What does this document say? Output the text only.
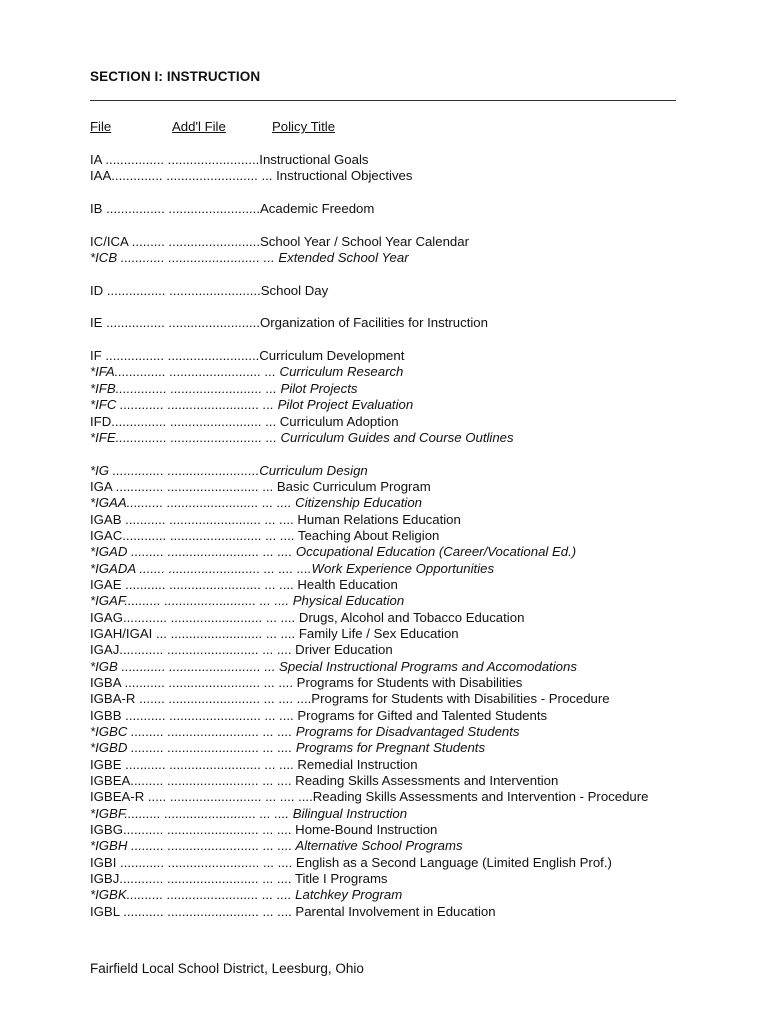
SECTION I: INSTRUCTION
File	Add'l File	Policy Title
IA ................ .........................Instructional Goals
IAA.............. ......................... ... Instructional Objectives
IB ................ .........................Academic Freedom
IC/ICA ......... .........................School Year / School Year Calendar
*ICB ............ ......................... ... Extended School Year
ID ................ .........................School Day
IE ................ .........................Organization of Facilities for Instruction
IF ................ .........................Curriculum Development
*IFA.............. ......................... ... Curriculum Research
*IFB.............. ......................... ... Pilot Projects
*IFC ............ ......................... ... Pilot Project Evaluation
IFD............... ......................... ... Curriculum Adoption
*IFE.............. ......................... ... Curriculum Guides and Course Outlines
*IG .............. .........................Curriculum Design
IGA ............. ......................... ... Basic Curriculum Program
*IGAA.......... ......................... ... .... Citizenship Education
IGAB ........... ......................... ... .... Human Relations Education
IGAC............ ......................... ... .... Teaching About Religion
*IGAD ......... ......................... ... .... Occupational Education (Career/Vocational Ed.)
*IGADA ....... ......................... ... .... ....Work Experience Opportunities
IGAE ........... ......................... ... .... Health Education
*IGAF.......... ......................... ... .... Physical Education
IGAG............ ......................... ... .... Drugs, Alcohol and Tobacco Education
IGAH/IGAI ... ......................... ... .... Family Life / Sex Education
IGAJ............ ......................... ... .... Driver Education
*IGB ............ ......................... ... Special Instructional Programs and Accomodations
IGBA ........... ......................... ... .... Programs for Students with Disabilities
IGBA-R ....... ......................... ... .... ....Programs for Students with Disabilities - Procedure
IGBB ........... ......................... ... .... Programs for Gifted and Talented Students
*IGBC ......... ......................... ... .... Programs for Disadvantaged Students
*IGBD ......... ......................... ... .... Programs for Pregnant Students
IGBE ........... ......................... ... .... Remedial Instruction
IGBEA......... ......................... ... .... Reading Skills Assessments and Intervention
IGBEA-R ..... ......................... ... .... ....Reading Skills Assessments and Intervention - Procedure
*IGBF.......... ......................... ... .... Bilingual Instruction
IGBG........... ......................... ... .... Home-Bound Instruction
*IGBH ......... ......................... ... .... Alternative School Programs
IGBI ............ ......................... ... .... English as a Second Language (Limited English Prof.)
IGBJ............ ......................... ... .... Title I Programs
*IGBK.......... ......................... ... .... Latchkey Program
IGBL ........... ......................... ... .... Parental Involvement in Education
Fairfield Local School District, Leesburg, Ohio
